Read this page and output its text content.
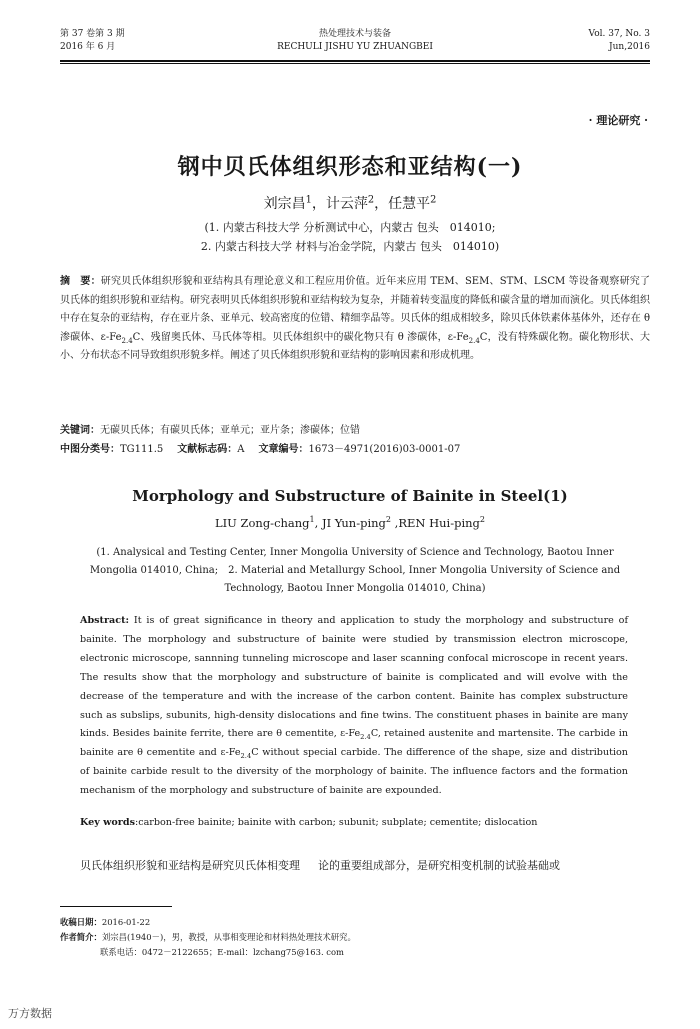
第 37 卷第 3 期
2016 年 6 月
热处理技术与装备
RECHULI JISHU YU ZHUANGBEI
Vol. 37, No. 3
Jun,2016
· 理论研究 ·
钢中贝氏体组织形态和亚结构(一)
刘宗昌$^1$，计云萍$^2$，任慧平$^2$
(1. 内蒙古科技大学 分析测试中心，内蒙古 包头　014010;
2. 内蒙古科技大学 材料与冶金学院，内蒙古 包头　014010)
摘　要：研究贝氏体组织形貌和亚结构具有理论意义和工程应用价值。近年来应用 TEM、SEM、STM、LSCM 等设备观察研究了贝氏体的组织形貌和亚结构。研究表明贝氏体组织形貌和亚结构较为复杂，并随着转变温度的降低和碳含量的增加而演化。贝氏体组织中存在复杂的亚结构，存在亚片条、亚单元、较高密度的位错、精细孪晶等。贝氏体的组成相较多，除贝氏体铁素体基体外，还存在 θ 渗碳体、$\varepsilon-Fe_{2.4}C$、残留奥氏体、马氏体等相。贝氏体组织中的碳化物只有 θ 渗碳体，$\varepsilon-Fe_{2.4}C$，没有特殊碳化物。碳化物形状、大小、分布状态不同导致组织形貌多样。阐述了贝氏体组织形貌和亚结构的影响因素和形成机理。
关键词：无碳贝氏体；有碳贝氏体；亚单元；亚片条；渗碳体；位错
中图分类号：TG111.5 文献标志码：A 文章编号：1673－4971(2016)03-0001-07
Morphology and Substructure of Bainite in Steel(1)
LIU Zong-chang$^1$, JI Yun-ping$^2$ ,REN Hui-ping$^2$
(1. Analysical and Testing Center, Inner Mongolia University of Science and Technology, Baotou Inner Mongolia 014010, China;　2. Material and Metallurgy School, Inner Mongolia University of Science and Technology, Baotou Inner Mongolia 014010, China)
Abstract: It is of great significance in theory and application to study the morphology and substructure of bainite. The morphology and substructure of bainite were studied by transmission electron microscope, electronic microscope, sannning tunneling microscope and laser scanning confocal microscope in recent years. The results show that the morphology and substructure of bainite is complicated and will evolve with the decrease of the temperature and with the increase of the carbon content. Bainite has complex substructure such as subslips, subunits, high-density dislocations and fine twins. The constituent phases in bainite are many kinds. Besides bainite ferrite, there are θ cementite, $\varepsilon-Fe_{2.4}C$, retained austenite and martensite. The carbide in bainite are θ cementite and $\varepsilon-Fe_{2.4}C$ without special carbide. The difference of the shape, size and distribution of bainite carbide result to the diversity of the morphology of bainite. The influence factors and the formation mechanism of the morphology and substructure of bainite are expounded.
Key words:carbon-free bainite; bainite with carbon; subunit; subplate; cementite; dislocation
贝氏体组织形貌和亚结构是研究贝氏体相变理 论的重要组成部分，是研究相变机制的试验基础或
收稿日期：2016-01-22
作者简介：刘宗昌(1940－)，男，教授，从事相变理论和材料热处理技术研究。
联系电话：0472－2122655；E-mail：lzchang75@163. com
万方数据
